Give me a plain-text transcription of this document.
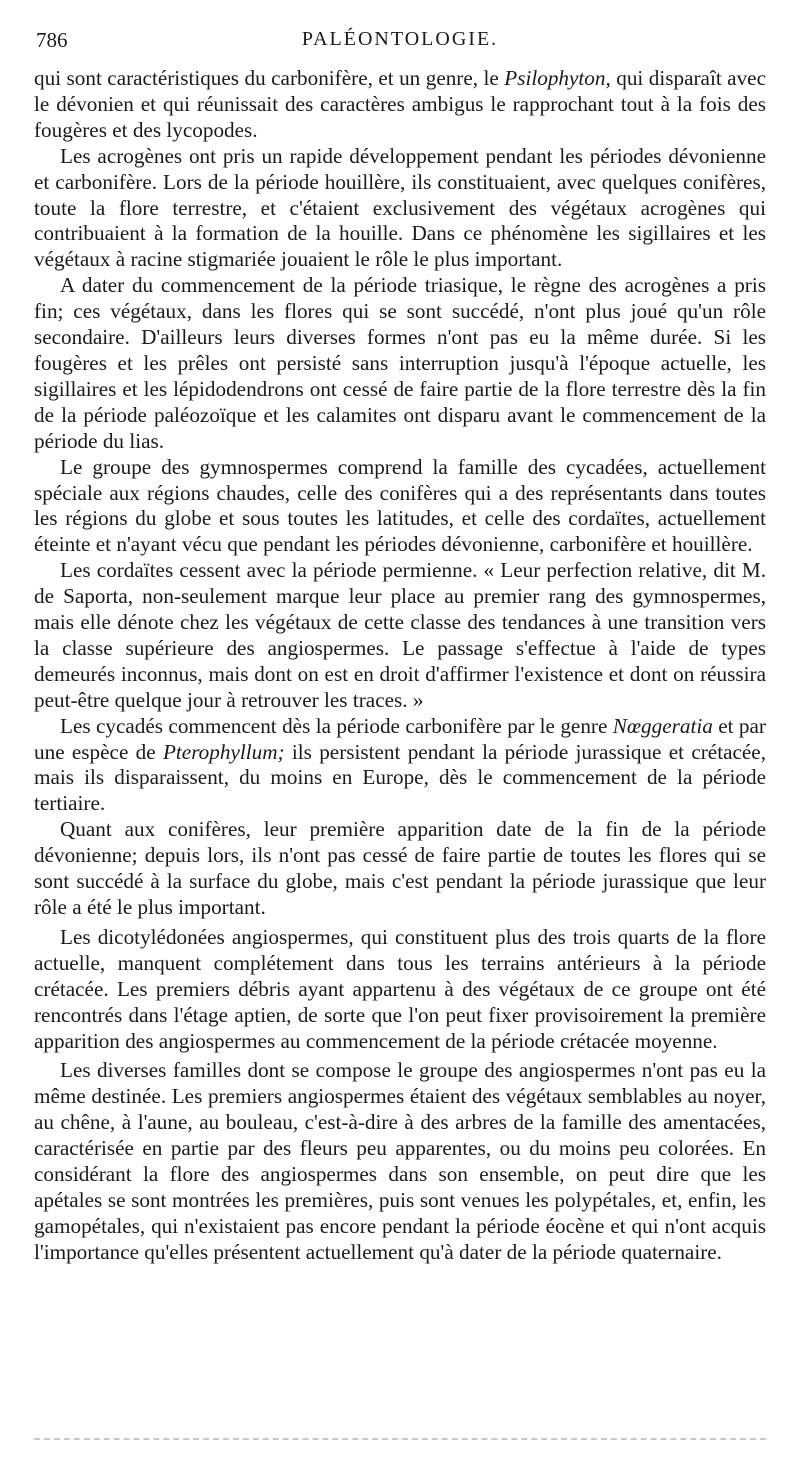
786	PALÉONTOLOGIE.

qui sont caractéristiques du carbonifère, et un genre, le Psilophyton, qui disparaît avec le dévonien et qui réunissait des caractères ambigus le rapprochant tout à la fois des fougères et des lycopodes.

Les acrogènes ont pris un rapide développement pendant les périodes dévonienne et carbonifère. Lors de la période houillère, ils constituaient, avec quelques conifères, toute la flore terrestre, et c'étaient exclusivement des végétaux acrogènes qui contribuaient à la formation de la houille. Dans ce phénomène les sigillaires et les végétaux à racine stigmariée jouaient le rôle le plus important.

A dater du commencement de la période triasique, le règne des acrogènes a pris fin; ces végétaux, dans les flores qui se sont succédé, n'ont plus joué qu'un rôle secondaire. D'ailleurs leurs diverses formes n'ont pas eu la même durée. Si les fougères et les prêles ont persisté sans interruption jusqu'à l'époque actuelle, les sigillaires et les lépidodendrons ont cessé de faire partie de la flore terrestre dès la fin de la période paléozoïque et les calamites ont disparu avant le commencement de la période du lias.

Le groupe des gymnospermes comprend la famille des cycadées, actuellement spéciale aux régions chaudes, celle des conifères qui a des représentants dans toutes les régions du globe et sous toutes les latitudes, et celle des cordaïtes, actuellement éteinte et n'ayant vécu que pendant les périodes dévonienne, carbonifère et houillère.

Les cordaïtes cessent avec la période permienne. « Leur perfection relative, dit M. de Saporta, non-seulement marque leur place au premier rang des gymnospermes, mais elle dénote chez les végétaux de cette classe des tendances à une transition vers la classe supérieure des angiospermes. Le passage s'effectue à l'aide de types demeurés inconnus, mais dont on est en droit d'affirmer l'existence et dont on réussira peut-être quelque jour à retrouver les traces. »

Les cycadés commencent dès la période carbonifère par le genre Nœggeratia et par une espèce de Pterophyllum; ils persistent pendant la période jurassique et crétacée, mais ils disparaissent, du moins en Europe, dès le commencement de la période tertiaire.

Quant aux conifères, leur première apparition date de la fin de la période dévonienne; depuis lors, ils n'ont pas cessé de faire partie de toutes les flores qui se sont succédé à la surface du globe, mais c'est pendant la période jurassique que leur rôle a été le plus important.

Les dicotylédonées angiospermes, qui constituent plus des trois quarts de la flore actuelle, manquent complétement dans tous les terrains antérieurs à la période crétacée. Les premiers débris ayant appartenu à des végétaux de ce groupe ont été rencontrés dans l'étage aptien, de sorte que l'on peut fixer provisoirement la première apparition des angiospermes au commencement de la période crétacée moyenne.

Les diverses familles dont se compose le groupe des angiospermes n'ont pas eu la même destinée. Les premiers angiospermes étaient des végétaux semblables au noyer, au chêne, à l'aune, au bouleau, c'est-à-dire à des arbres de la famille des amentacées, caractérisée en partie par des fleurs peu apparentes, ou du moins peu colorées. En considérant la flore des angiospermes dans son ensemble, on peut dire que les apétales se sont montrées les premières, puis sont venues les polypétales, et, enfin, les gamopétales, qui n'existaient pas encore pendant la période éocène et qui n'ont acquis l'importance qu'elles présentent actuellement qu'à dater de la période quaternaire.
